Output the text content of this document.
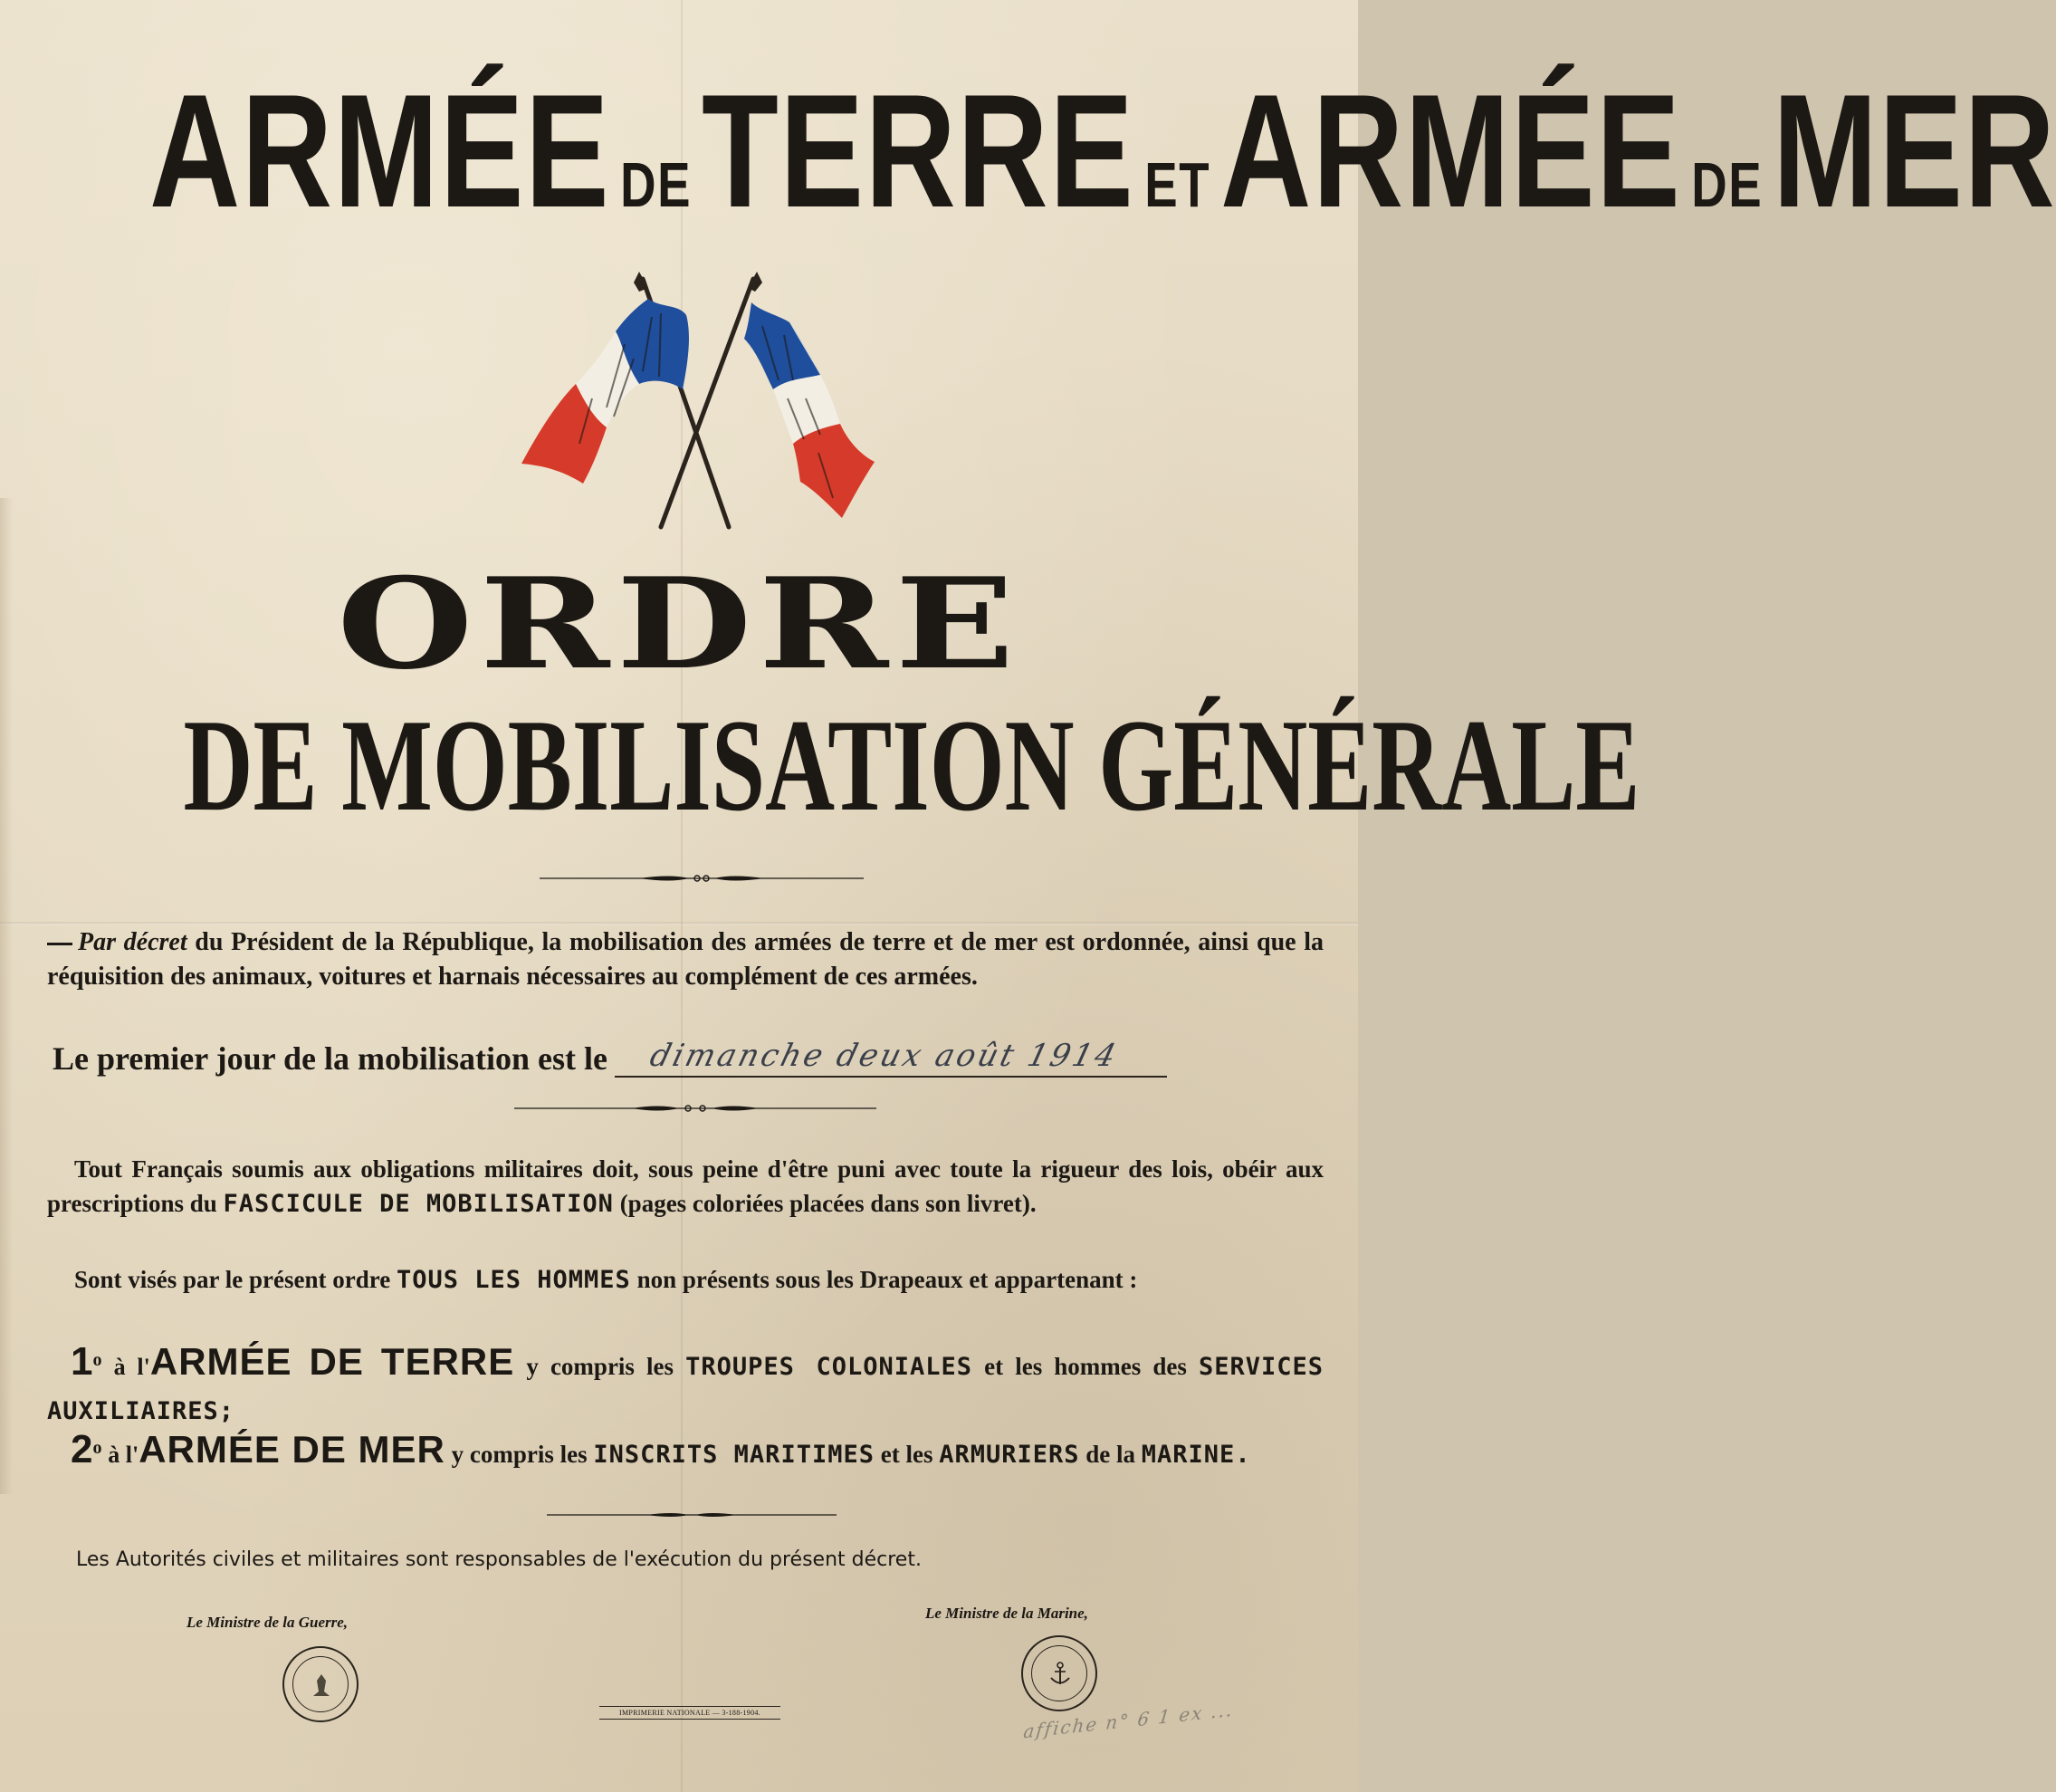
ARMÉE DETERRE ETARMÉE DEMER
ORDRE
DE MOBILISATION GÉNÉRALE
Par décret du Président de la République, la mobilisation des armées de terre et de mer est ordonnée, ainsi que la réquisition des animaux, voitures et harnais nécessaires au complément de ces armées.
Le premier jour de la mobilisation est le dimanche deux août 1914
Tout Français soumis aux obligations militaires doit, sous peine d'être puni avec toute la rigueur des lois, obéir aux prescriptions du FASCICULE DE MOBILISATION (pages coloriées placées dans son livret).
Sont visés par le présent ordre TOUS LES HOMMES non présents sous les Drapeaux et appartenant :
1$^o$ à l'ARMÉE DE TERRE y compris les TROUPES COLONIALES et les hommes des SERVICES AUXILIAIRES;
2$^o$ à l'ARMÉE DE MER y compris les INSCRITS MARITIMES et les ARMURIERS de la MARINE.
Les Autorités civiles et militaires sont responsables de l'exécution du présent décret.
Le Ministre de la Guerre,
Le Ministre de la Marine,
IMPRIMERIE NATIONALE — 3-188-1904.	affiche n° 6 1 ex ...
